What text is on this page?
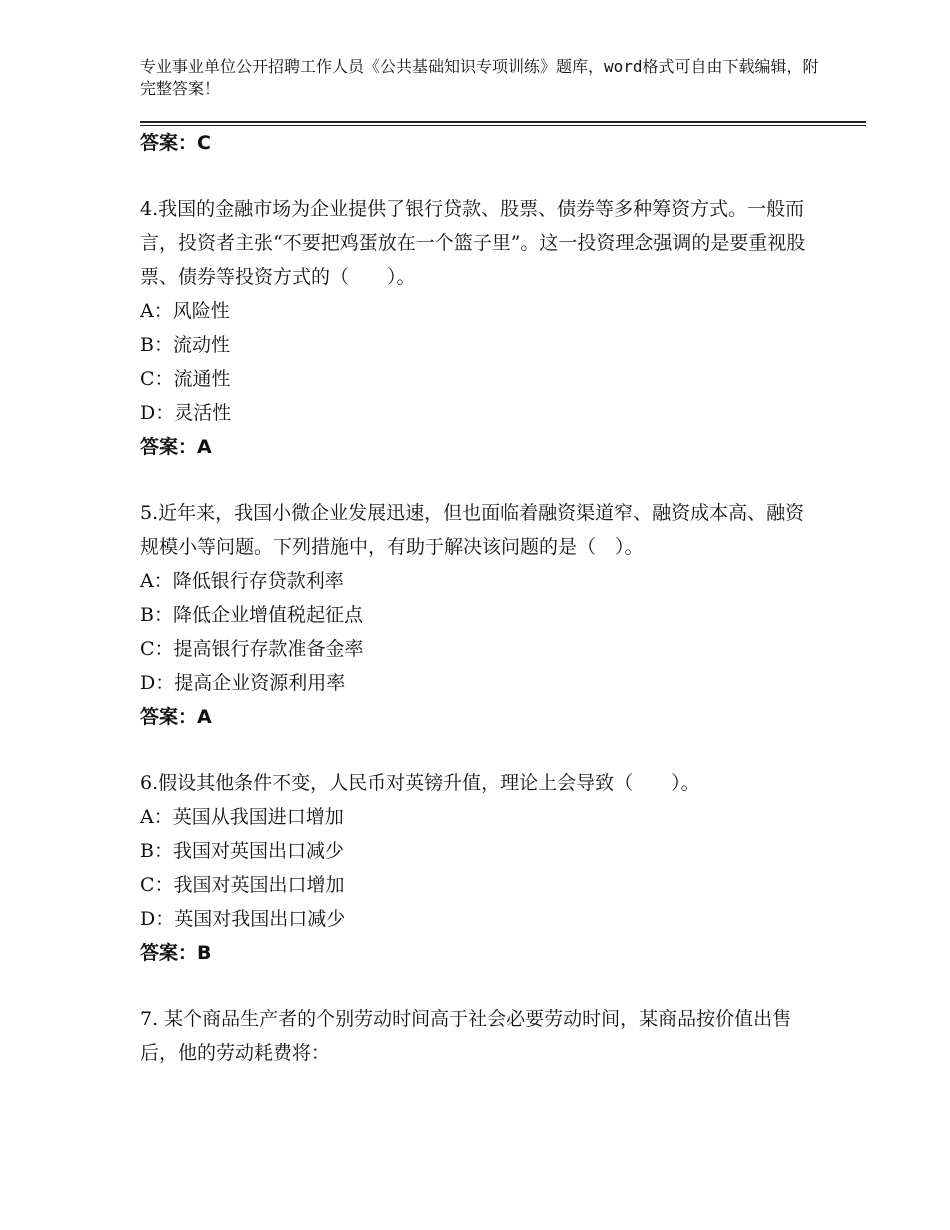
专业事业单位公开招聘工作人员《公共基础知识专项训练》题库，word格式可自由下载编辑，附完整答案！
答案：C

4.我国的金融市场为企业提供了银行贷款、股票、债券等多种筹资方式。一般而言，投资者主张“不要把鸡蛋放在一个篮子里”。这一投资理念强调的是要重视股票、债券等投资方式的（　　）。

A：风险性
B：流动性
C：流通性
D：灵活性
答案：A

5.近年来，我国小微企业发展迅速，但也面临着融资渠道窄、融资成本高、融资规模小等问题。下列措施中，有助于解决该问题的是（　）。

A：降低银行存贷款利率
B：降低企业增值税起征点
C：提高银行存款准备金率
D：提高企业资源利用率
答案：A

6.假设其他条件不变，人民币对英镑升值，理论上会导致（　　）。

A：英国从我国进口增加
B：我国对英国出口减少
C：我国对英国出口增加
D：英国对我国出口减少
答案：B

7. 某个商品生产者的个别劳动时间高于社会必要劳动时间，某商品按价值出售后，他的劳动耗费将：
